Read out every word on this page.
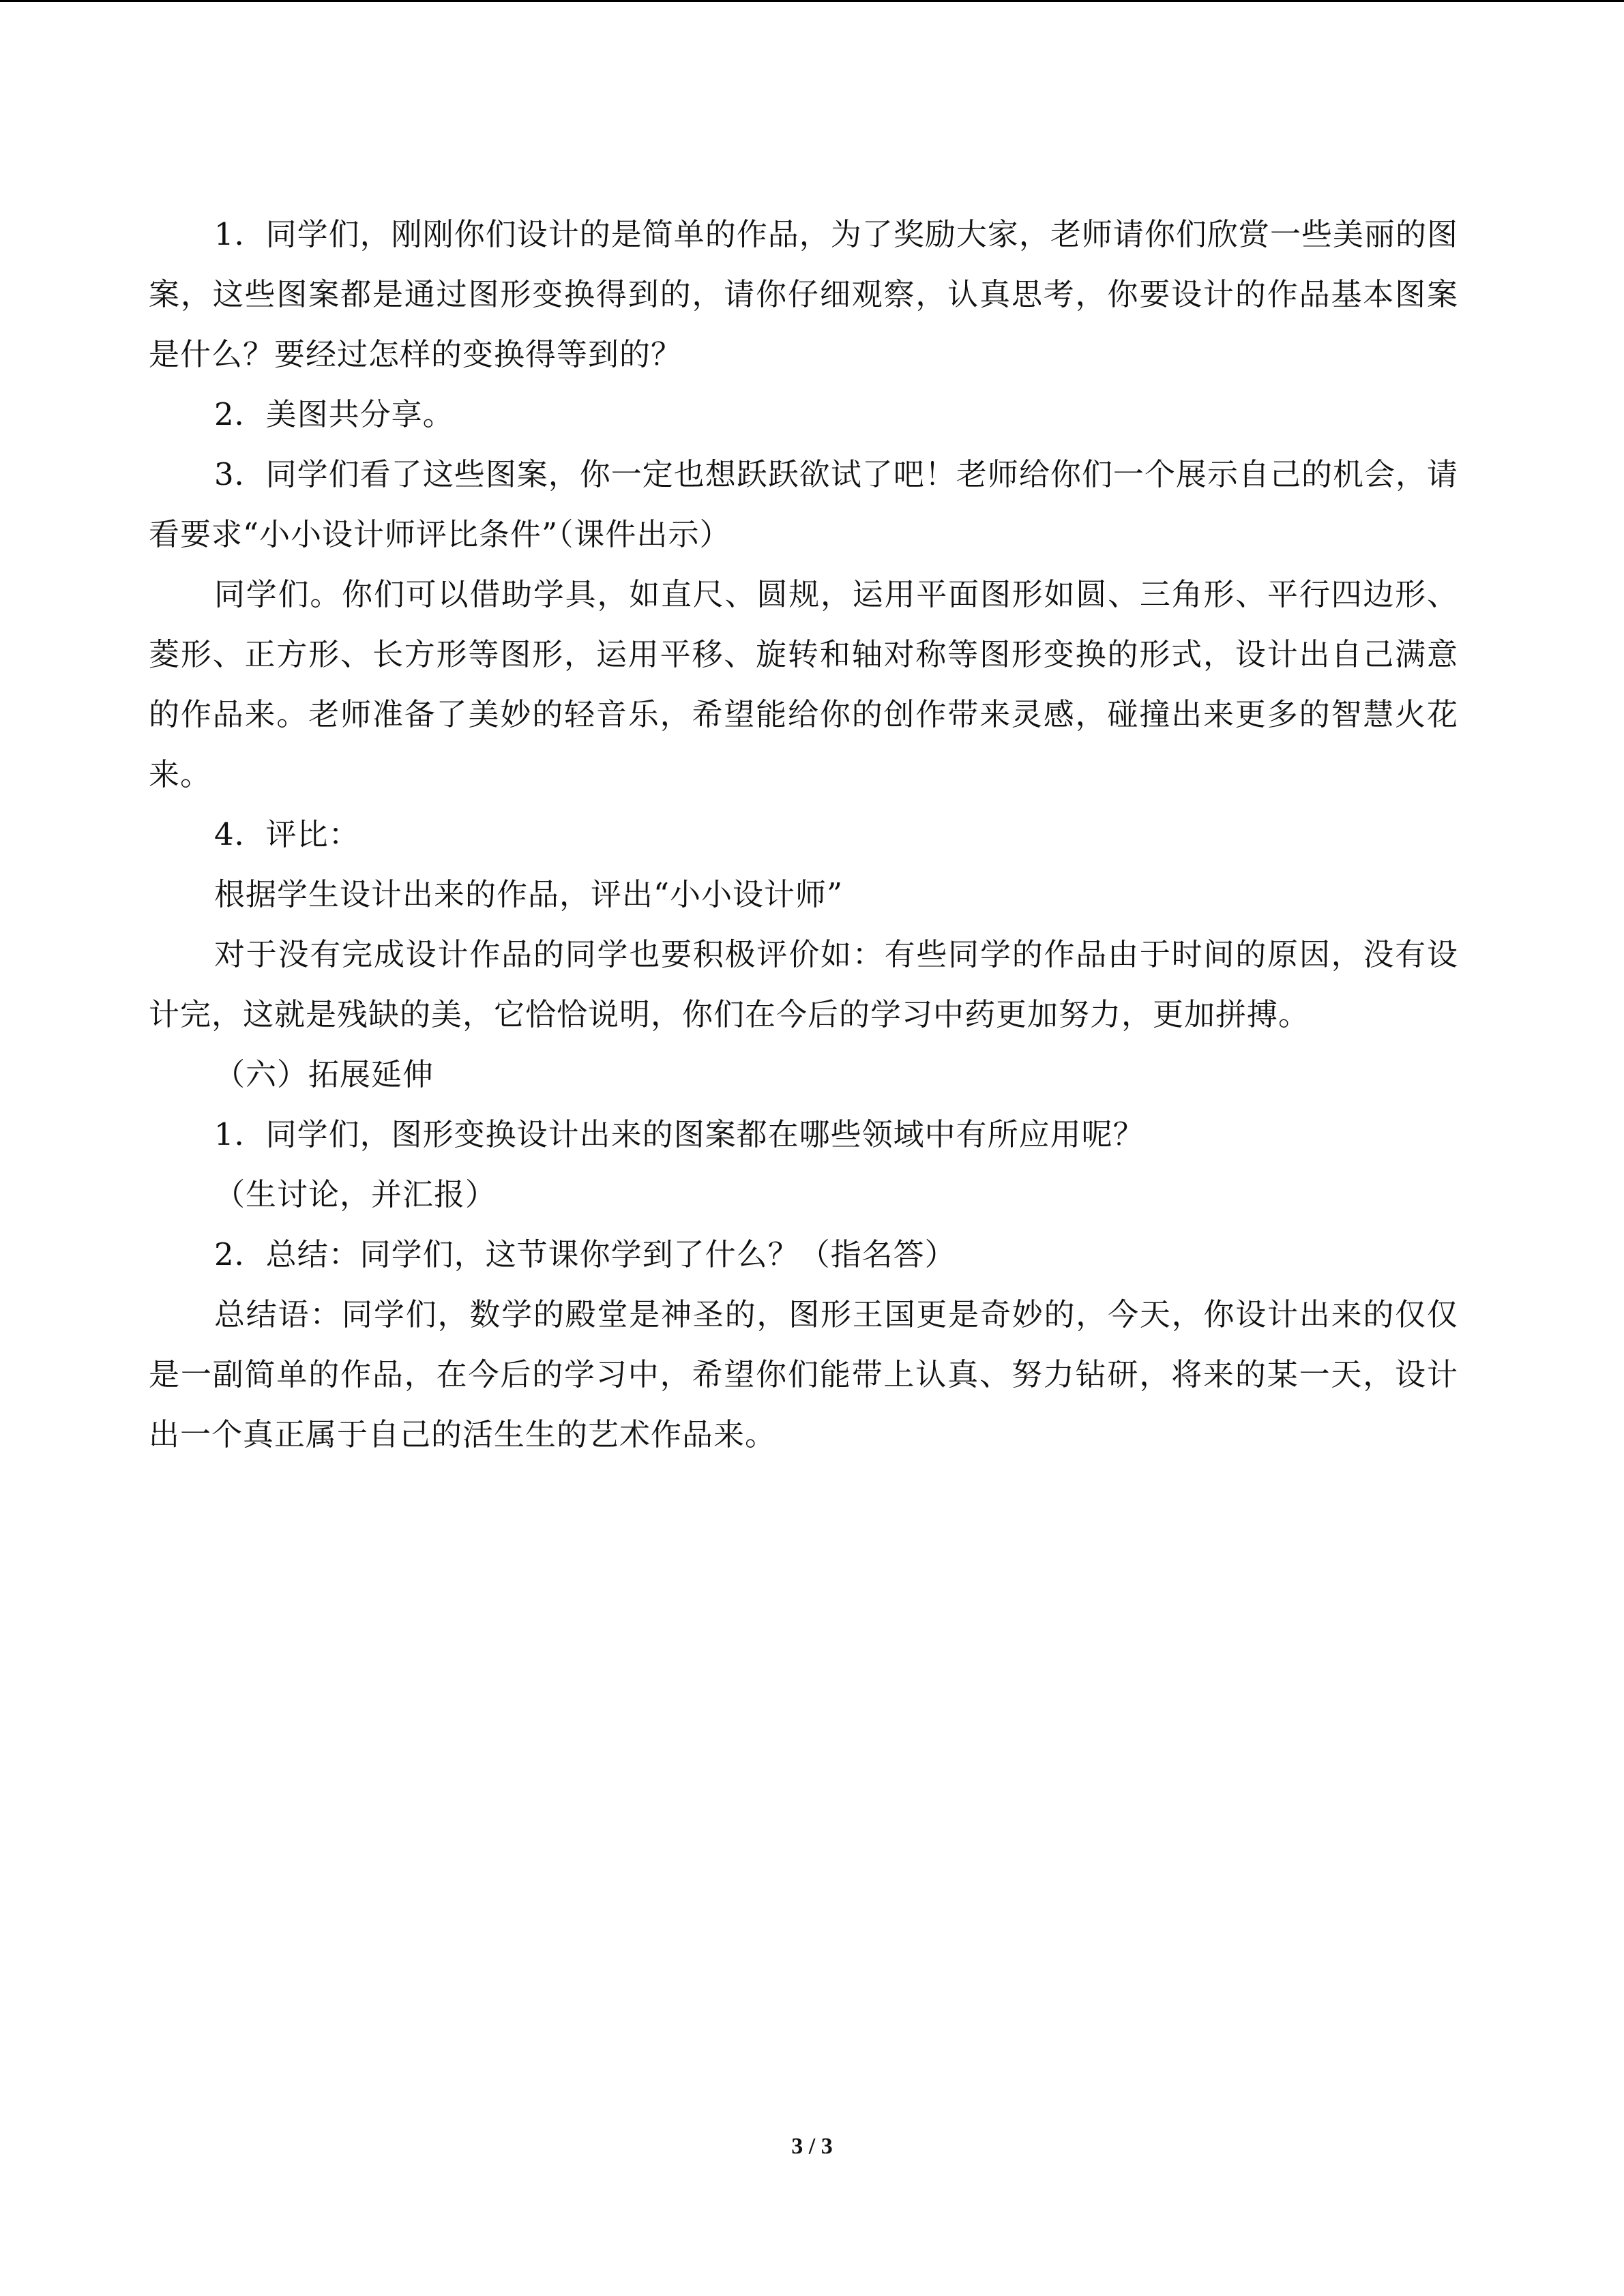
1．同学们，刚刚你们设计的是简单的作品，为了奖励大家，老师请你们欣赏一些美丽的图案，这些图案都是通过图形变换得到的，请你仔细观察，认真思考，你要设计的作品基本图案是什么？要经过怎样的变换得等到的？

2．美图共分享。

3．同学们看了这些图案，你一定也想跃跃欲试了吧！老师给你们一个展示自己的机会，请看要求“小小设计师评比条件”（课件出示）

同学们。你们可以借助学具，如直尺、圆规，运用平面图形如圆、三角形、平行四边形、菱形、正方形、长方形等图形，运用平移、旋转和轴对称等图形变换的形式，设计出自己满意的作品来。老师准备了美妙的轻音乐，希望能给你的创作带来灵感，碰撞出来更多的智慧火花来。

4．评比：

根据学生设计出来的作品，评出“小小设计师”

对于没有完成设计作品的同学也要积极评价如：有些同学的作品由于时间的原因，没有设计完，这就是残缺的美，它恰恰说明，你们在今后的学习中药更加努力，更加拼搏。

（六）拓展延伸

1．同学们，图形变换设计出来的图案都在哪些领域中有所应用呢？

（生讨论，并汇报）

2．总结：同学们，这节课你学到了什么？（指名答）

总结语：同学们，数学的殿堂是神圣的，图形王国更是奇妙的，今天，你设计出来的仅仅是一副简单的作品，在今后的学习中，希望你们能带上认真、努力钻研，将来的某一天，设计出一个真正属于自己的活生生的艺术作品来。

3 / 3
